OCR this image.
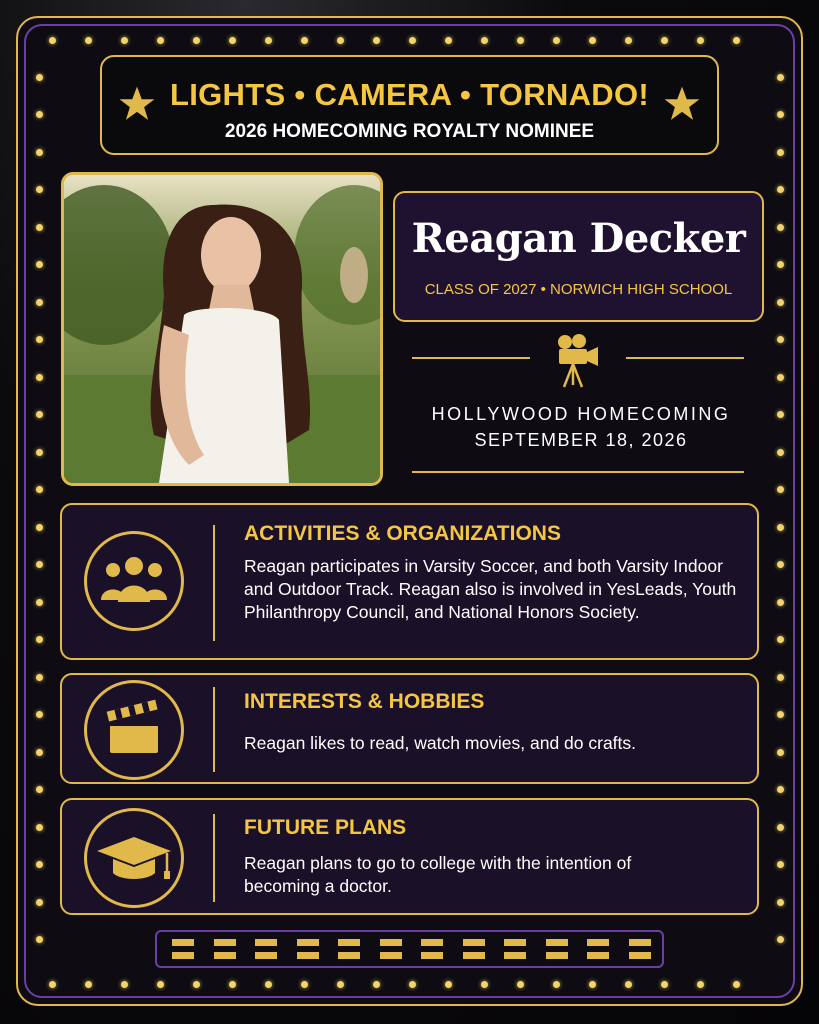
LIGHTS • CAMERA • TORNADO!
2026 HOMECOMING ROYALTY NOMINEE
Reagan Decker
CLASS OF 2027 • NORWICH HIGH SCHOOL
HOLLYWOOD HOMECOMING
SEPTEMBER 18, 2026
ACTIVITIES & ORGANIZATIONS
Reagan participates in Varsity Soccer, and both Varsity Indoor and Outdoor Track. Reagan also is involved in YesLeads, Youth Philanthropy Council, and National Honors Society.
INTERESTS & HOBBIES
Reagan likes to read, watch movies, and do crafts.
FUTURE PLANS
Reagan plans to go to college with the intention of becoming a doctor.
